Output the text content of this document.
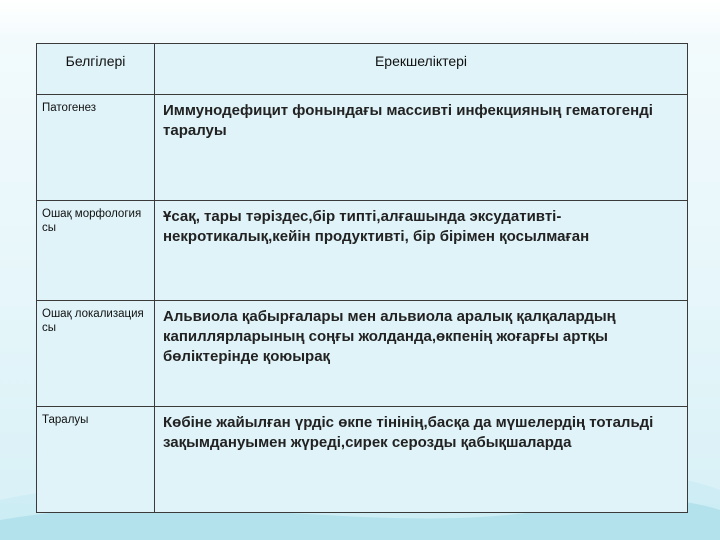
Белгілері	Ерекшеліктері
Патогенез	Иммунодефицит фонындағы массивті инфекцияның гематогенді таралуы
Ошақ морфология сы	Ұсақ, тары тәріздес,бір типті,алғашында эксудативті-некротикалық,кейін продуктивті, бір бірімен қосылмаған
Ошақ локализация сы	Альвиола қабырғалары мен альвиола аралық қалқалардың капиллярларының соңғы жолданда,өкпенің жоғарғы артқы бөліктерінде қоюырақ
Таралуы	Көбіне жайылған үрдіс өкпе тінінің,басқа да мүшелердің тотальді зақымдануымен жүреді,сирек серозды қабықшаларда
